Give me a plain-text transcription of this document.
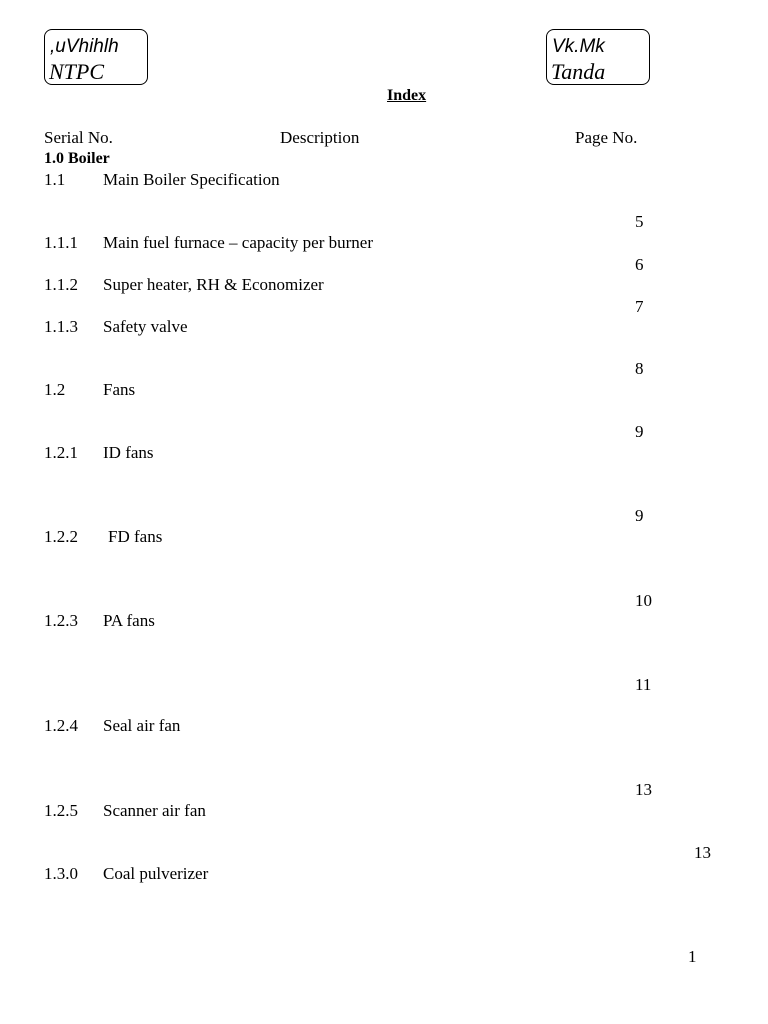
,uVhihlh
NTPC
Vk.Mk
Tanda
Index
Serial No.	Description	Page No.
1.0 Boiler
1.1 Main Boiler Specification
1.1.1 Main fuel furnace – capacity per burner
1.1.2 Super heater, RH & Economizer
1.1.3 Safety valve
1.2 Fans
1.2.1 ID fans
1.2.2 FD fans
1.2.3 PA fans
1.2.4 Seal air fan
1.2.5 Scanner air fan
1.3.0 Coal pulverizer
5
6
7
8
9
9
10
11
13
13
1
